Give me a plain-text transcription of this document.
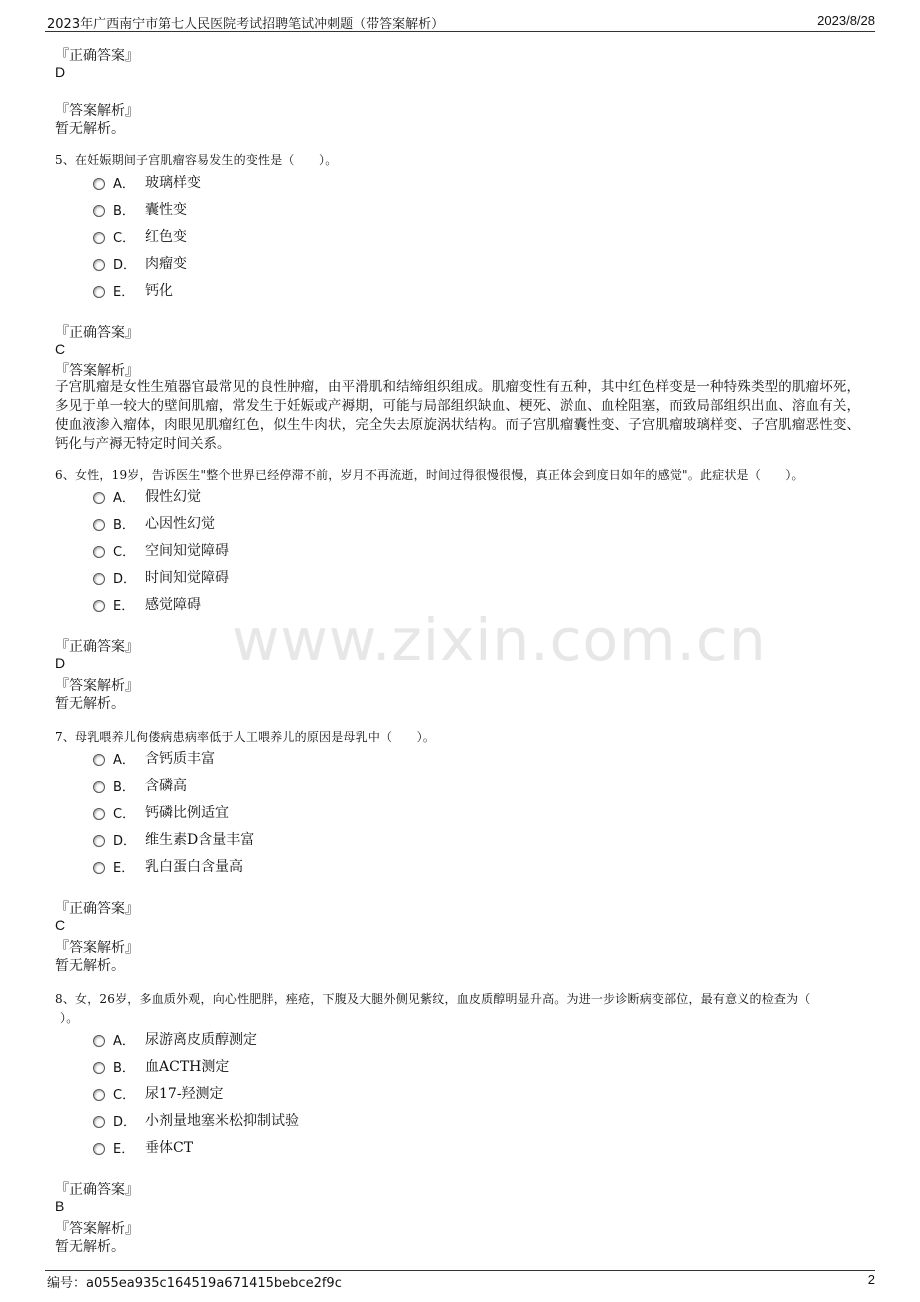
2023年广西南宁市第七人民医院考试招聘笔试冲刺题（带答案解析）	2023/8/28
www.zixin.com.cn
『正确答案』
D
『答案解析』
暂无解析。
5、在妊娠期间子宫肌瘤容易发生的变性是（　　）。
A． 玻璃样变
B． 囊性变
C． 红色变
D． 肉瘤变
E． 钙化
『正确答案』
C
『答案解析』
子宫肌瘤是女性生殖器官最常见的良性肿瘤，由平滑肌和结缔组织组成。肌瘤变性有五种，其中红色样变是一种特殊类型的肌瘤坏死，多见于单一较大的壁间肌瘤，常发生于妊娠或产褥期，可能与局部组织缺血、梗死、淤血、血栓阻塞，而致局部组织出血、溶血有关，使血液渗入瘤体，肉眼见肌瘤红色，似生牛肉状，完全失去原旋涡状结构。而子宫肌瘤囊性变、子宫肌瘤玻璃样变、子宫肌瘤恶性变、钙化与产褥无特定时间关系。
6、女性，19岁，告诉医生"整个世界已经停滞不前，岁月不再流逝，时间过得很慢很慢，真正体会到度日如年的感觉"。此症状是（　　）。
A． 假性幻觉
B． 心因性幻觉
C． 空间知觉障碍
D． 时间知觉障碍
E． 感觉障碍
『正确答案』
D
『答案解析』
暂无解析。
7、母乳喂养儿佝偻病患病率低于人工喂养儿的原因是母乳中（　　）。
A． 含钙质丰富
B． 含磷高
C． 钙磷比例适宜
D． 维生素D含量丰富
E． 乳白蛋白含量高
『正确答案』
C
『答案解析』
暂无解析。
8、女，26岁，多血质外观，向心性肥胖，痤疮，下腹及大腿外侧见紫纹，血皮质醇明显升高。为进一步诊断病变部位，最有意义的检查为（
）。
A． 尿游离皮质醇测定
B． 血ACTH测定
C． 尿17-羟测定
D． 小剂量地塞米松抑制试验
E． 垂体CT
『正确答案』
B
『答案解析』
暂无解析。
编号：a055ea935c164519a671415bebce2f9c	2
